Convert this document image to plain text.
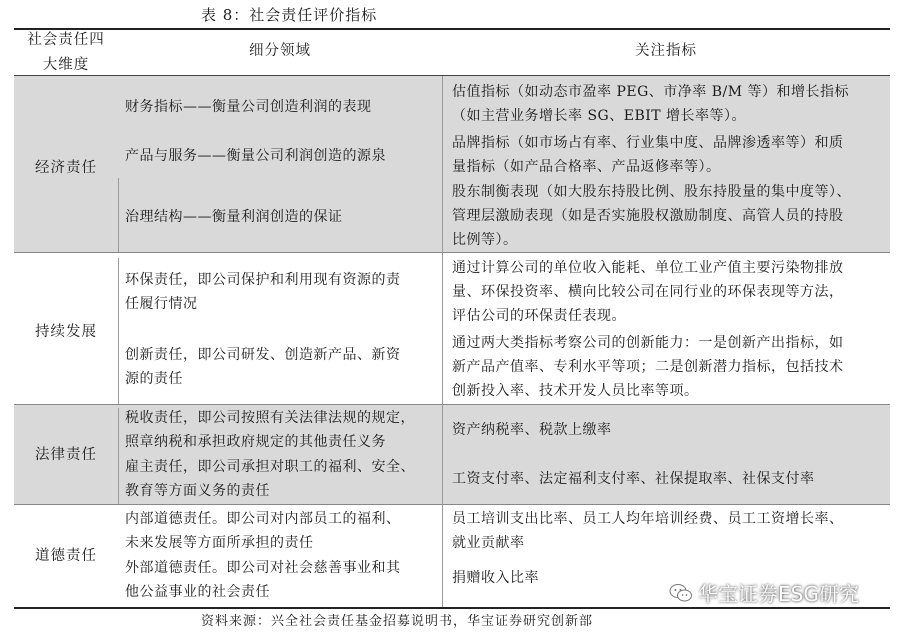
表 8：社会责任评价指标
社会责任四
大维度
细分领域	关注指标
经济责任
持续发展
法律责任
道德责任
财务指标——衡量公司创造利润的表现
估值指标（如动态市盈率 PEG、市净率 B/M 等）和增长指标
（如主营业务增长率 SG、EBIT 增长率等）。
产品与服务——衡量公司利润创造的源泉
品牌指标（如市场占有率、行业集中度、品牌渗透率等）和质
量指标（如产品合格率、产品返修率等）。
治理结构——衡量利润创造的保证
股东制衡表现（如大股东持股比例、股东持股量的集中度等）、
管理层激励表现（如是否实施股权激励制度、高管人员的持股
比例等）。
环保责任，即公司保护和利用现有资源的责
任履行情况
通过计算公司的单位收入能耗、单位工业产值主要污染物排放
量、环保投资率、横向比较公司在同行业的环保表现等方法，
评估公司的环保责任表现。
创新责任，即公司研发、创造新产品、新资
源的责任
通过两大类指标考察公司的创新能力：一是创新产出指标，如
新产品产值率、专利水平等项；二是创新潜力指标，包括技术
创新投入率、技术开发人员比率等项。
税收责任，即公司按照有关法律法规的规定，
照章纳税和承担政府规定的其他责任义务
资产纳税率、税款上缴率
雇主责任，即公司承担对职工的福利、安全、
教育等方面义务的责任
工资支付率、法定福利支付率、社保提取率、社保支付率
内部道德责任。即公司对内部员工的福利、
未来发展等方面所承担的责任
员工培训支出比率、员工人均年培训经费、员工工资增长率、
就业贡献率
外部道德责任。即公司对社会慈善事业和其
他公益事业的社会责任
捐赠收入比率
资料来源：兴全社会责任基金招募说明书，华宝证券研究创新部
华宝证券ESG研究
